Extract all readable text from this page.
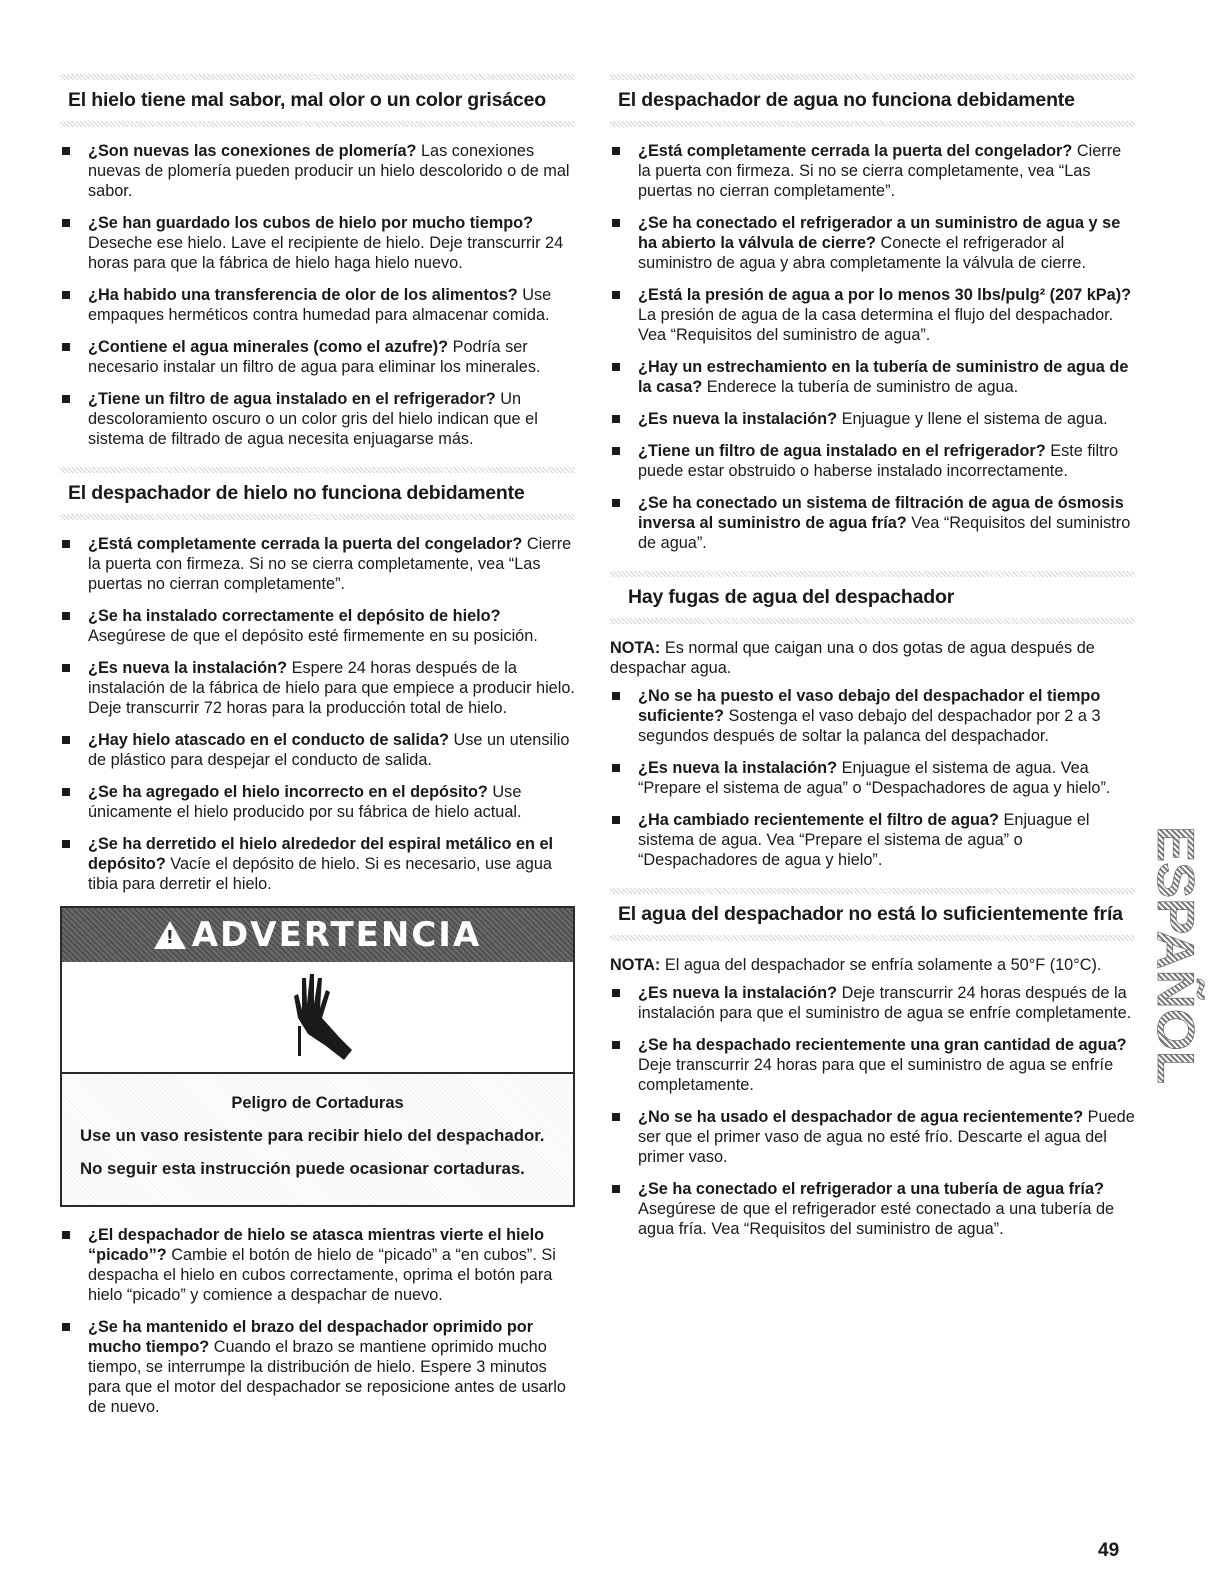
El hielo tiene mal sabor, mal olor o un color grisáceo
¿Son nuevas las conexiones de plomería? Las conexiones nuevas de plomería pueden producir un hielo descolorido o de mal sabor.
¿Se han guardado los cubos de hielo por mucho tiempo? Deseche ese hielo. Lave el recipiente de hielo. Deje transcurrir 24 horas para que la fábrica de hielo haga hielo nuevo.
¿Ha habido una transferencia de olor de los alimentos? Use empaques herméticos contra humedad para almacenar comida.
¿Contiene el agua minerales (como el azufre)? Podría ser necesario instalar un filtro de agua para eliminar los minerales.
¿Tiene un filtro de agua instalado en el refrigerador? Un descoloramiento oscuro o un color gris del hielo indican que el sistema de filtrado de agua necesita enjuagarse más.
El despachador de hielo no funciona debidamente
¿Está completamente cerrada la puerta del congelador? Cierre la puerta con firmeza. Si no se cierra completamente, vea “Las puertas no cierran completamente”.
¿Se ha instalado correctamente el depósito de hielo? Asegúrese de que el depósito esté firmemente en su posición.
¿Es nueva la instalación? Espere 24 horas después de la instalación de la fábrica de hielo para que empiece a producir hielo. Deje transcurrir 72 horas para la producción total de hielo.
¿Hay hielo atascado en el conducto de salida? Use un utensilio de plástico para despejar el conducto de salida.
¿Se ha agregado el hielo incorrecto en el depósito? Use únicamente el hielo producido por su fábrica de hielo actual.
¿Se ha derretido el hielo alrededor del espiral metálico en el depósito? Vacíe el depósito de hielo. Si es necesario, use agua tibia para derretir el hielo.
!
ADVERTENCIA
Peligro de Cortaduras
Use un vaso resistente para recibir hielo del despachador.
No seguir esta instrucción puede ocasionar cortaduras.
¿El despachador de hielo se atasca mientras vierte el hielo “picado”? Cambie el botón de hielo de “picado” a “en cubos”. Si despacha el hielo en cubos correctamente, oprima el botón para hielo “picado” y comience a despachar de nuevo.
¿Se ha mantenido el brazo del despachador oprimido por mucho tiempo? Cuando el brazo se mantiene oprimido mucho tiempo, se interrumpe la distribución de hielo. Espere 3 minutos para que el motor del despachador se reposicione antes de usarlo de nuevo.
El despachador de agua no funciona debidamente
¿Está completamente cerrada la puerta del congelador? Cierre la puerta con firmeza. Si no se cierra completamente, vea “Las puertas no cierran completamente”.
¿Se ha conectado el refrigerador a un suministro de agua y se ha abierto la válvula de cierre? Conecte el refrigerador al suministro de agua y abra completamente la válvula de cierre.
¿Está la presión de agua a por lo menos 30 lbs/pulg² (207 kPa)? La presión de agua de la casa determina el flujo del despachador. Vea “Requisitos del suministro de agua”.
¿Hay un estrechamiento en la tubería de suministro de agua de la casa? Enderece la tubería de suministro de agua.
¿Es nueva la instalación? Enjuague y llene el sistema de agua.
¿Tiene un filtro de agua instalado en el refrigerador? Este filtro puede estar obstruido o haberse instalado incorrectamente.
¿Se ha conectado un sistema de filtración de agua de ósmosis inversa al suministro de agua fría? Vea “Requisitos del suministro de agua”.
Hay fugas de agua del despachador
NOTA: Es normal que caigan una o dos gotas de agua después de despachar agua.
¿No se ha puesto el vaso debajo del despachador el tiempo suficiente? Sostenga el vaso debajo del despachador por 2 a 3 segundos después de soltar la palanca del despachador.
¿Es nueva la instalación? Enjuague el sistema de agua. Vea “Prepare el sistema de agua” o “Despachadores de agua y hielo”.
¿Ha cambiado recientemente el filtro de agua? Enjuague el sistema de agua. Vea “Prepare el sistema de agua” o “Despachadores de agua y hielo”.
El agua del despachador no está lo suficientemente fría
NOTA: El agua del despachador se enfría solamente a 50°F (10°C).
¿Es nueva la instalación? Deje transcurrir 24 horas después de la instalación para que el suministro de agua se enfríe completamente.
¿Se ha despachado recientemente una gran cantidad de agua? Deje transcurrir 24 horas para que el suministro de agua se enfríe completamente.
¿No se ha usado el despachador de agua recientemente? Puede ser que el primer vaso de agua no esté frío. Descarte el agua del primer vaso.
¿Se ha conectado el refrigerador a una tubería de agua fría? Asegúrese de que el refrigerador esté conectado a una tubería de agua fría. Vea “Requisitos del suministro de agua”.
ESPAÑOL
49
